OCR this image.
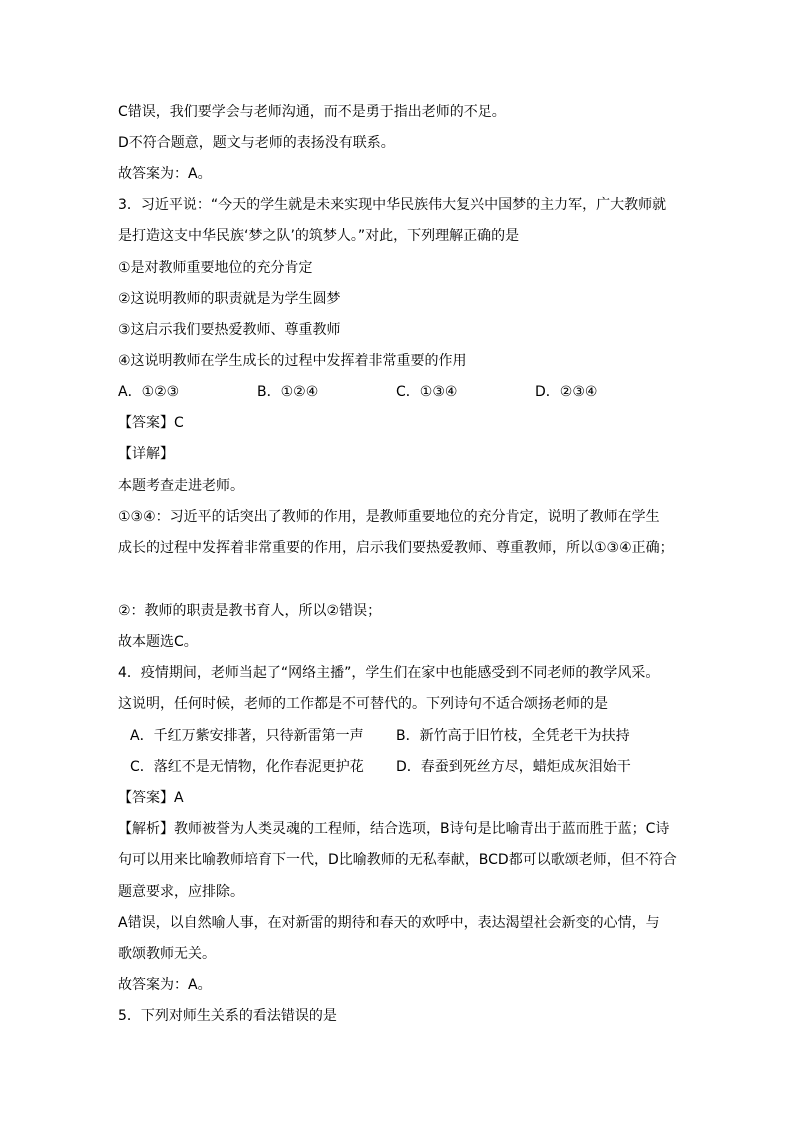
C错误，我们要学会与老师沟通，而不是勇于指出老师的不足。
D不符合题意，题文与老师的表扬没有联系。
故答案为：A。
3．习近平说：“今天的学生就是未来实现中华民族伟大复兴中国梦的主力军，广大教师就
是打造这支中华民族‘梦之队’的筑梦人。”对此，下列理解正确的是
①是对教师重要地位的充分肯定
②这说明教师的职责就是为学生圆梦
③这启示我们要热爱教师、尊重教师
④这说明教师在学生成长的过程中发挥着非常重要的作用
A．①②③	B．①②④	C．①③④	D．②③④
【答案】C
【详解】
本题考查走进老师。
①③④：习近平的话突出了教师的作用，是教师重要地位的充分肯定，说明了教师在学生
成长的过程中发挥着非常重要的作用，启示我们要热爱教师、尊重教师，所以①③④正确；
②：教师的职责是教书育人，所以②错误；
故本题选C。
4．疫情期间，老师当起了“网络主播”，学生们在家中也能感受到不同老师的教学风采。
这说明，任何时候，老师的工作都是不可替代的。下列诗句不适合颂扬老师的是
A．千红万紫安排著，只待新雷第一声 B．新竹高于旧竹枝，全凭老干为扶持
C．落红不是无情物，化作春泥更护花 D．春蚕到死丝方尽，蜡炬成灰泪始干
【答案】A
【解析】教师被誉为人类灵魂的工程师，结合选项，B诗句是比喻青出于蓝而胜于蓝；C诗
句可以用来比喻教师培育下一代，D比喻教师的无私奉献，BCD都可以歌颂老师，但不符合
题意要求，应排除。
A错误，以自然喻人事，在对新雷的期待和春天的欢呼中，表达渴望社会新变的心情，与
歌颂教师无关。
故答案为：A。
5．下列对师生关系的看法错误的是
